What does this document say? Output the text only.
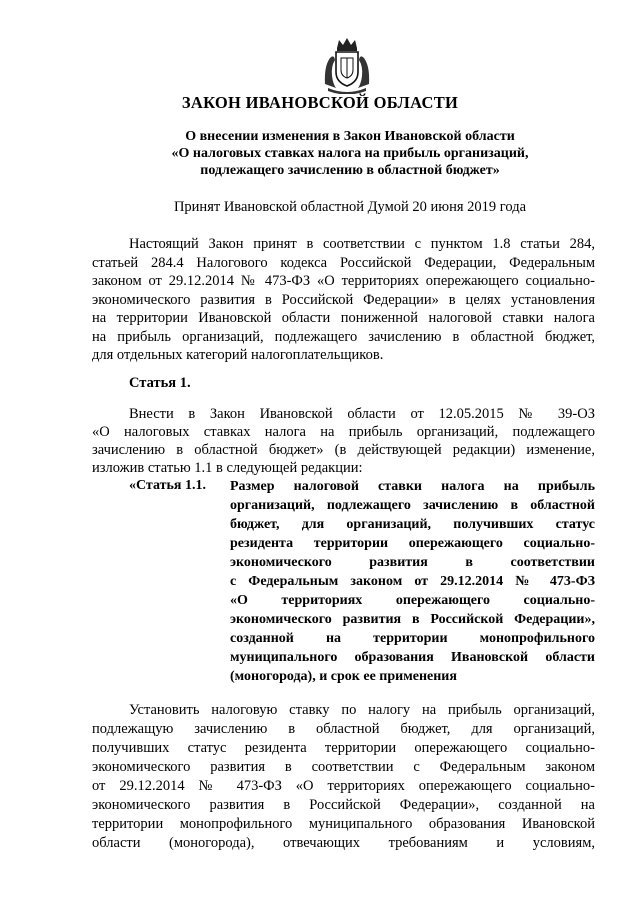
ЗАКОН ИВАНОВСКОЙ ОБЛАСТИ
О внесении изменения в Закон Ивановской области
«О налоговых ставках налога на прибыль организаций,
подлежащего зачислению в областной бюджет»
Принят Ивановской областной Думой 20 июня 2019 года
Настоящий Закон принят в соответствии с пунктом 1.8 статьи 284,
статьей 284.4 Налогового кодекса Российской Федерации, Федеральным
законом от 29.12.2014 № 473-ФЗ «О территориях опережающего социально-
экономического развития в Российской Федерации» в целях установления
на территории Ивановской области пониженной налоговой ставки налога
на прибыль организаций, подлежащего зачислению в областной бюджет,
для отдельных категорий налогоплательщиков.
Статья 1.
Внести в Закон Ивановской области от 12.05.2015 № 39-ОЗ
«О налоговых ставках налога на прибыль организаций, подлежащего
зачислению в областной бюджет» (в действующей редакции) изменение,
изложив статью 1.1 в следующей редакции:
«Статья 1.1. Размер налоговой ставки налога на прибыль
организаций, подлежащего зачислению в областной
бюджет, для организаций, получивших статус
резидента территории опережающего социально-
экономического развития в соответствии
с Федеральным законом от 29.12.2014 № 473-ФЗ
«О территориях опережающего социально-
экономического развития в Российской Федерации»,
созданной на территории монопрофильного
муниципального образования Ивановской области
(моногорода), и срок ее применения
Установить налоговую ставку по налогу на прибыль организаций,
подлежащую зачислению в областной бюджет, для организаций,
получивших статус резидента территории опережающего социально-
экономического развития в соответствии с Федеральным законом
от 29.12.2014 № 473-ФЗ «О территориях опережающего социально-
экономического развития в Российской Федерации», созданной на
территории монопрофильного муниципального образования Ивановской
области (моногорода), отвечающих требованиям и условиям,
